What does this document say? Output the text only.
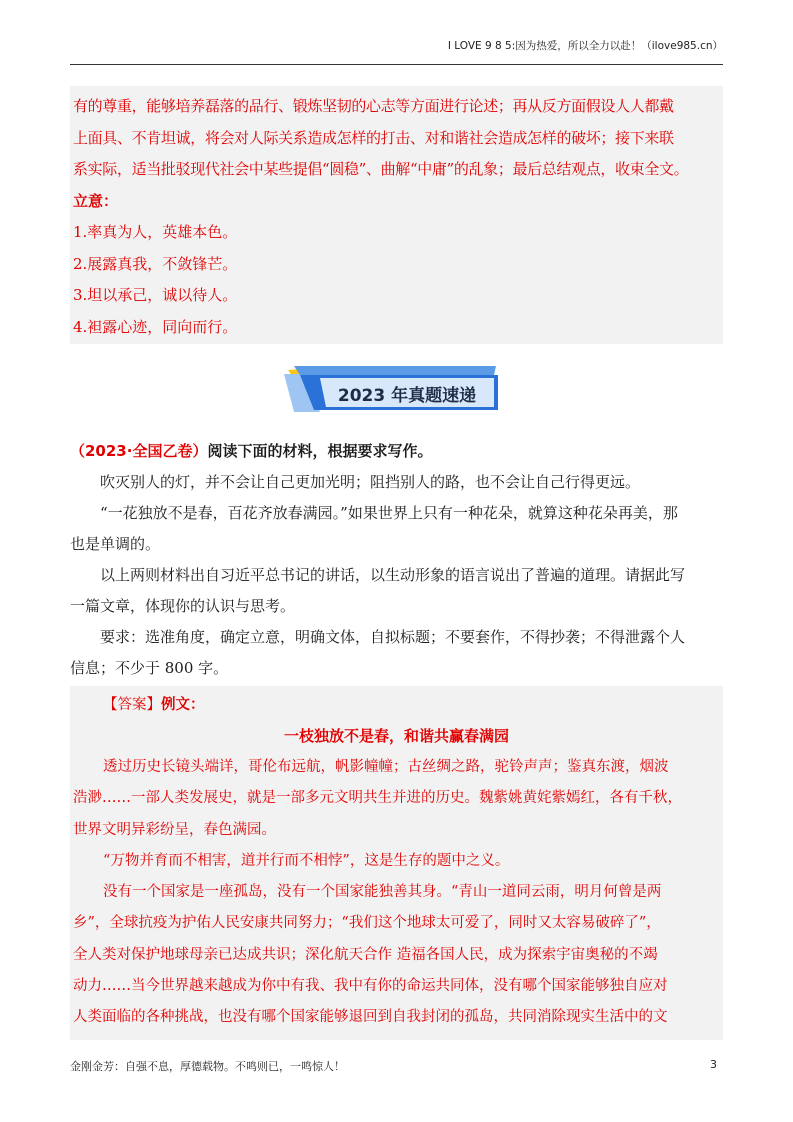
I LOVE 9 8 5:因为热爱，所以全力以赴！（ilove985.cn）

有的尊重，能够培养磊落的品行、锻炼坚韧的心志等方面进行论述；再从反方面假设人人都戴

上面具、不肯坦诚，将会对人际关系造成怎样的打击、对和谐社会造成怎样的破坏；接下来联

系实际，适当批驳现代社会中某些提倡“圆稳”、曲解“中庸”的乱象；最后总结观点，收束全文。

立意：

1.率真为人，英雄本色。

2.展露真我，不敛锋芒。

3.坦以承己，诚以待人。

4.袒露心迹，同向而行。

2023 年真题速递

（2023·全国乙卷）阅读下面的材料，根据要求写作。

吹灭别人的灯，并不会让自己更加光明；阻挡别人的路，也不会让自己行得更远。

“一花独放不是春，百花齐放春满园。”如果世界上只有一种花朵，就算这种花朵再美，那

也是单调的。

以上两则材料出自习近平总书记的讲话，以生动形象的语言说出了普遍的道理。请据此写

一篇文章，体现你的认识与思考。

要求：选准角度，确定立意，明确文体，自拟标题；不要套作，不得抄袭；不得泄露个人

信息；不少于 800 字。

【答案】例文：

一枝独放不是春，和谐共赢春满园

透过历史长镜头端详，哥伦布远航，帆影幢幢；古丝绸之路，驼铃声声；鉴真东渡，烟波

浩渺……一部人类发展史，就是一部多元文明共生并进的历史。魏紫姚黄姹紫嫣红，各有千秋，

世界文明异彩纷呈，春色满园。

“万物并育而不相害，道并行而不相悖”，这是生存的题中之义。

没有一个国家是一座孤岛，没有一个国家能独善其身。“青山一道同云雨，明月何曾是两

乡”，全球抗疫为护佑人民安康共同努力；“我们这个地球太可爱了，同时又太容易破碎了”，

全人类对保护地球母亲已达成共识；深化航天合作 造福各国人民，成为探索宇宙奥秘的不竭

动力……当今世界越来越成为你中有我、我中有你的命运共同体，没有哪个国家能够独自应对

人类面临的各种挑战，也没有哪个国家能够退回到自我封闭的孤岛，共同消除现实生活中的文

金刚金芳：自强不息，厚德载物。不鸣则已，一鸣惊人！	3
